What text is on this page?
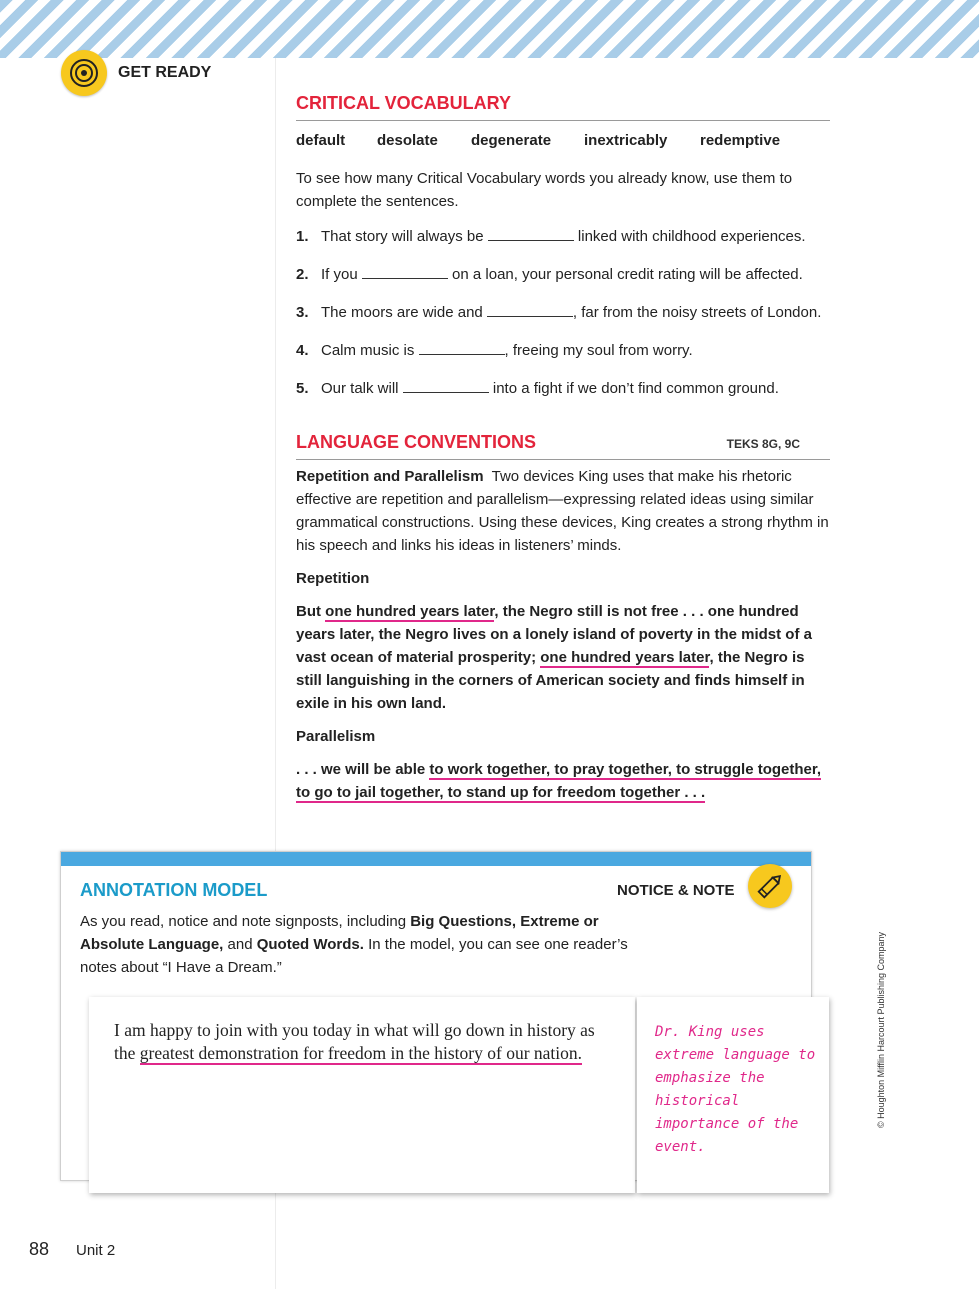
GET READY
CRITICAL VOCABULARY
default desolate degenerate inextricably redemptive
To see how many Critical Vocabulary words you already know, use them to complete the sentences.
1. That story will always be	linked with childhood experiences.
2. If you	on a loan, your personal credit rating will be affected.
3. The moors are wide and	, far from the noisy streets of London.
4. Calm music is	, freeing my soul from worry.
5. Our talk will	into a fight if we don’t find common ground.
LANGUAGE CONVENTIONS	TEKS 8G, 9C
Repetition and Parallelism Two devices King uses that make his rhetoric effective are repetition and parallelism—expressing related ideas using similar grammatical constructions. Using these devices, King creates a strong rhythm in his speech and links his ideas in listeners’ minds.
Repetition
But one hundred years later, the Negro still is not free . . . one hundred years later, the Negro lives on a lonely island of poverty in the midst of a vast ocean of material prosperity; one hundred years later, the Negro is still languishing in the corners of American society and finds himself in exile in his own land.
Parallelism
. . . we will be able to work together, to pray together, to struggle together, to go to jail together, to stand up for freedom together . . .
ANNOTATION MODEL	NOTICE & NOTE
As you read, notice and note signposts, including Big Questions, Extreme or Absolute Language, and Quoted Words. In the model, you can see one reader’s notes about “I Have a Dream.”
I am happy to join with you today in what will go down in history as the greatest demonstration for freedom in the history of our nation.
Dr. King uses extreme language to emphasize the historical importance of the event.
© Houghton Mifflin Harcourt Publishing Company
88 Unit 2
